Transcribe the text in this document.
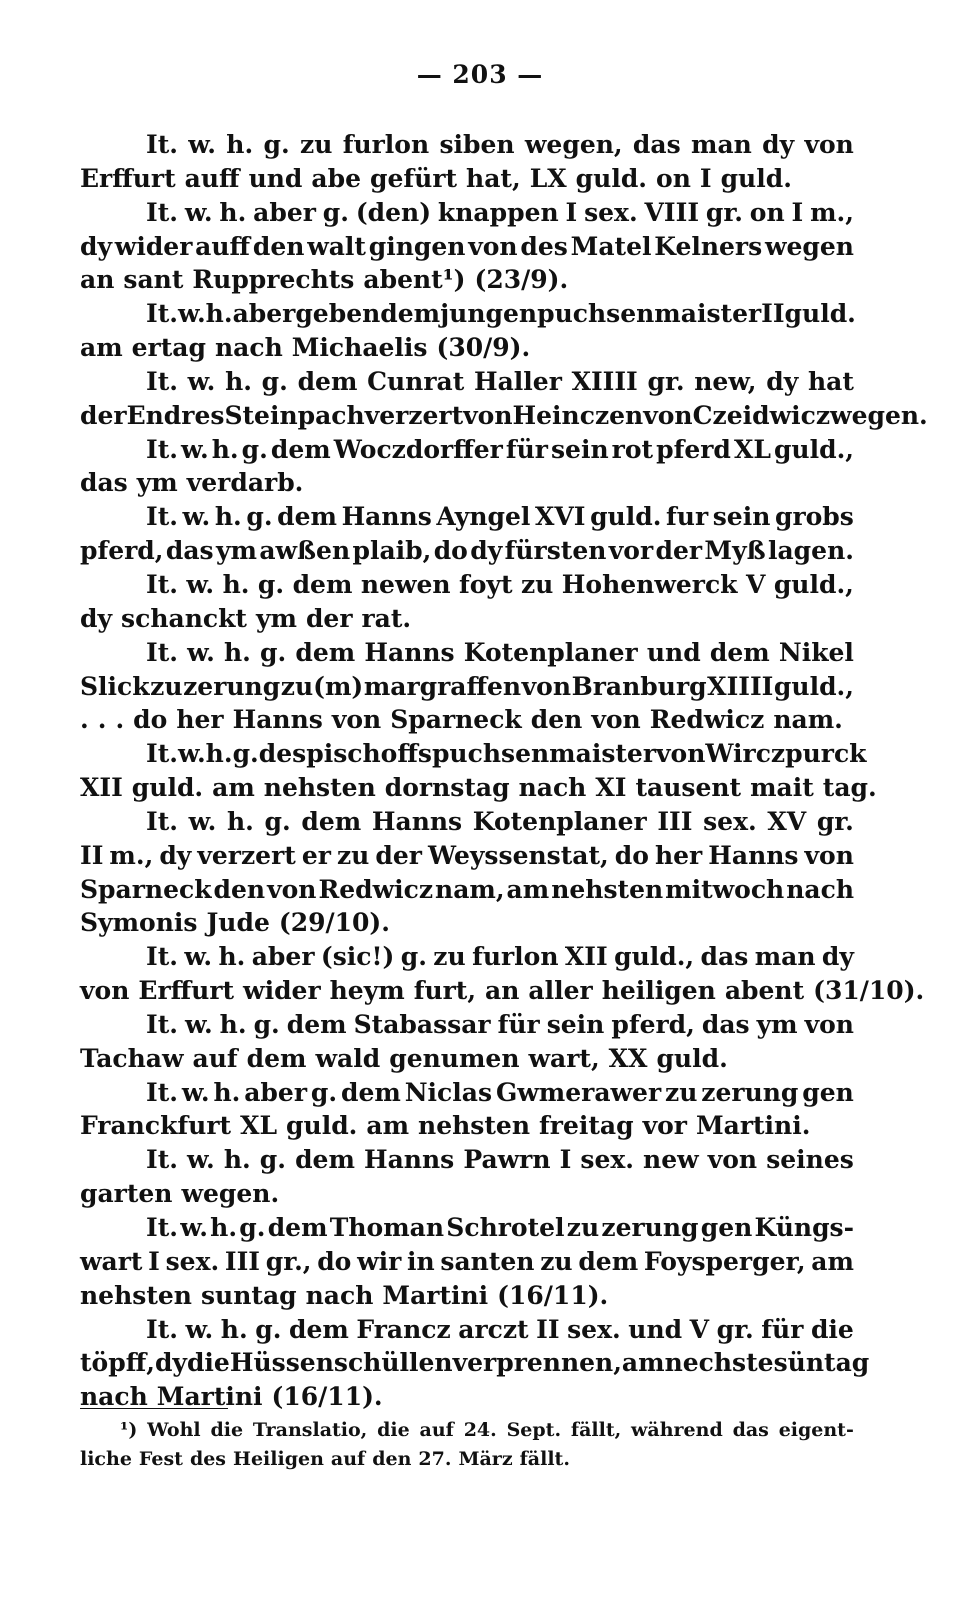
— 203 —
It. w. h. g. zu furlon siben wegen, das man dy von
Erffurt auff und abe gefürt hat, LX guld. on I guld.
It. w. h. aber g. (den) knappen I sex. VIII gr. on I m.,
dy wider auff den walt gingen von des Matel Kelners wegen
an sant Rupprechts abent¹) (23/9).
It. w. h. aber geben dem jungen puchsenmaister II guld.
am ertag nach Michaelis (30/9).
It. w. h. g. dem Cunrat Haller XIIII gr. new, dy hat
der Endres Steinpach verzert von Heinczen von Czeidwicz wegen.
It. w. h. g. dem Woczdorffer für sein rot pferd XL guld.,
das ym verdarb.
It. w. h. g. dem Hanns Ayngel XVI guld. fur sein grobs
pferd, das ym awßen plaib, do dy fürsten vor der Myß lagen.
It. w. h. g. dem newen foyt zu Hohenwerck V guld.,
dy schanckt ym der rat.
It. w. h. g. dem Hanns Kotenplaner und dem Nikel
Slick zu zerung zu(m) margraffen von Branburg XIIII guld.,
. . . do her Hanns von Sparneck den von Redwicz nam.
It. w. h. g. des pischoffs puchsenmaister von Wirczpurck
XII guld. am nehsten dornstag nach XI tausent mait tag.
It. w. h. g. dem Hanns Kotenplaner III sex. XV gr.
II m., dy verzert er zu der Weyssenstat, do her Hanns von
Sparneck den von Redwicz nam, am nehsten mitwoch nach
Symonis Jude (29/10).
It. w. h. aber (sic!) g. zu furlon XII guld., das man dy
von Erffurt wider heym furt, an aller heiligen abent (31/10).
It. w. h. g. dem Stabassar für sein pferd, das ym von
Tachaw auf dem wald genumen wart, XX guld.
It. w. h. aber g. dem Niclas Gwmerawer zu zerung gen
Franckfurt XL guld. am nehsten freitag vor Martini.
It. w. h. g. dem Hanns Pawrn I sex. new von seines
garten wegen.
It. w. h. g. dem Thoman Schrotel zu zerung gen Küngs-
wart I sex. III gr., do wir in santen zu dem Foysperger, am
nehsten suntag nach Martini (16/11).
It. w. h. g. dem Francz arczt II sex. und V gr. für die
töpff, dy die Hüssen schüllen verprennen, am nechste süntag
nach Martini (16/11).
¹) Wohl die Translatio, die auf 24. Sept. fällt, während das eigent-
liche Fest des Heiligen auf den 27. März fällt.
